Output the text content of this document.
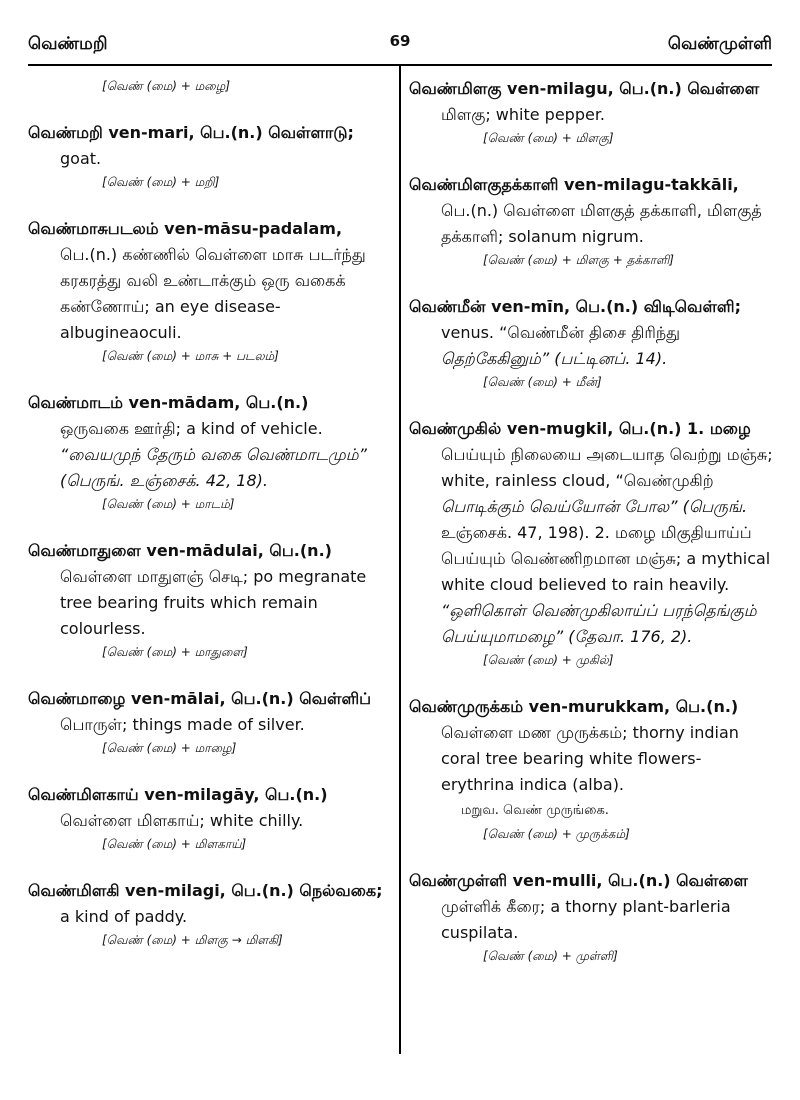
வெண்மறி	69	வெண்முள்ளி

[வெண் (மை) + மழை]

வெண்மறி ven-mari, பெ.(n.) வெள்ளாடு;

goat.

[வெண் (மை) + மறி]

வெண்மாசுபடலம் ven-māsu-padalam,

பெ.(n.) கண்ணில் வெள்ளை மாசு படர்ந்து

கரகரத்து வலி உண்டாக்கும் ஒரு வகைக்

கண்ணோய்; an eye disease-

albugineaoculi.

[வெண் (மை) + மாசு + படலம்]

வெண்மாடம் ven-mādam, பெ.(n.)

ஒருவகை ஊர்தி; a kind of vehicle.

“வையமுந் தேரும் வகை வெண்மாடமும்”

(பெருங். உஞ்சைக். 42, 18).

[வெண் (மை) + மாடம்]

வெண்மாதுளை ven-mādulai, பெ.(n.)

வெள்ளை மாதுளஞ் செடி; po megranate

tree bearing fruits which remain

colourless.

[வெண் (மை) + மாதுளை]

வெண்மாழை ven-mālai, பெ.(n.) வெள்ளிப்

பொருள்; things made of silver.

[வெண் (மை) + மாழை]

வெண்மிளகாய் ven-milagāy, பெ.(n.)

வெள்ளை மிளகாய்; white chilly.

[வெண் (மை) + மிளகாய்]

வெண்மிளகி ven-milagi, பெ.(n.) நெல்வகை;

a kind of paddy.

[வெண் (மை) + மிளகு → மிளகி]

வெண்மிளகு ven-milagu, பெ.(n.) வெள்ளை

மிளகு; white pepper.

[வெண் (மை) + மிளகு]

வெண்மிளகுதக்காளி ven-milagu-takkāli,

பெ.(n.) வெள்ளை மிளகுத் தக்காளி, மிளகுத்

தக்காளி; solanum nigrum.

[வெண் (மை) + மிளகு + தக்காளி]

வெண்மீன் ven-mīn, பெ.(n.) விடிவெள்ளி;

venus. “வெண்மீன் திசை திரிந்து

தெற்கேகினும்” (பட்டினப். 14).

[வெண் (மை) + மீன்]

வெண்முகில் ven-mugkil, பெ.(n.) 1. மழை

பெய்யும் நிலையை அடையாத வெற்று மஞ்சு;

white, rainless cloud, “வெண்முகிற்

பொடிக்கும் வெய்யோன் போல” (பெருங்.

உஞ்சைக். 47, 198). 2. மழை மிகுதியாய்ப்

பெய்யும் வெண்ணிறமான மஞ்சு; a mythical

white cloud believed to rain heavily.

“ஒளிகொள் வெண்முகிலாய்ப் பரந்தெங்கும்

பெய்யுமாமழை” (தேவா. 176, 2).

[வெண் (மை) + முகில்]

வெண்முருக்கம் ven-murukkam, பெ.(n.)

வெள்ளை மண முருக்கம்; thorny indian

coral tree bearing white flowers-

erythrina indica (alba).

மறுவ. வெண் முருங்கை.

[வெண் (மை) + முருக்கம்]

வெண்முள்ளி ven-mulli, பெ.(n.) வெள்ளை

முள்ளிக் கீரை; a thorny plant-barleria

cuspilata.

[வெண் (மை) + முள்ளி]
